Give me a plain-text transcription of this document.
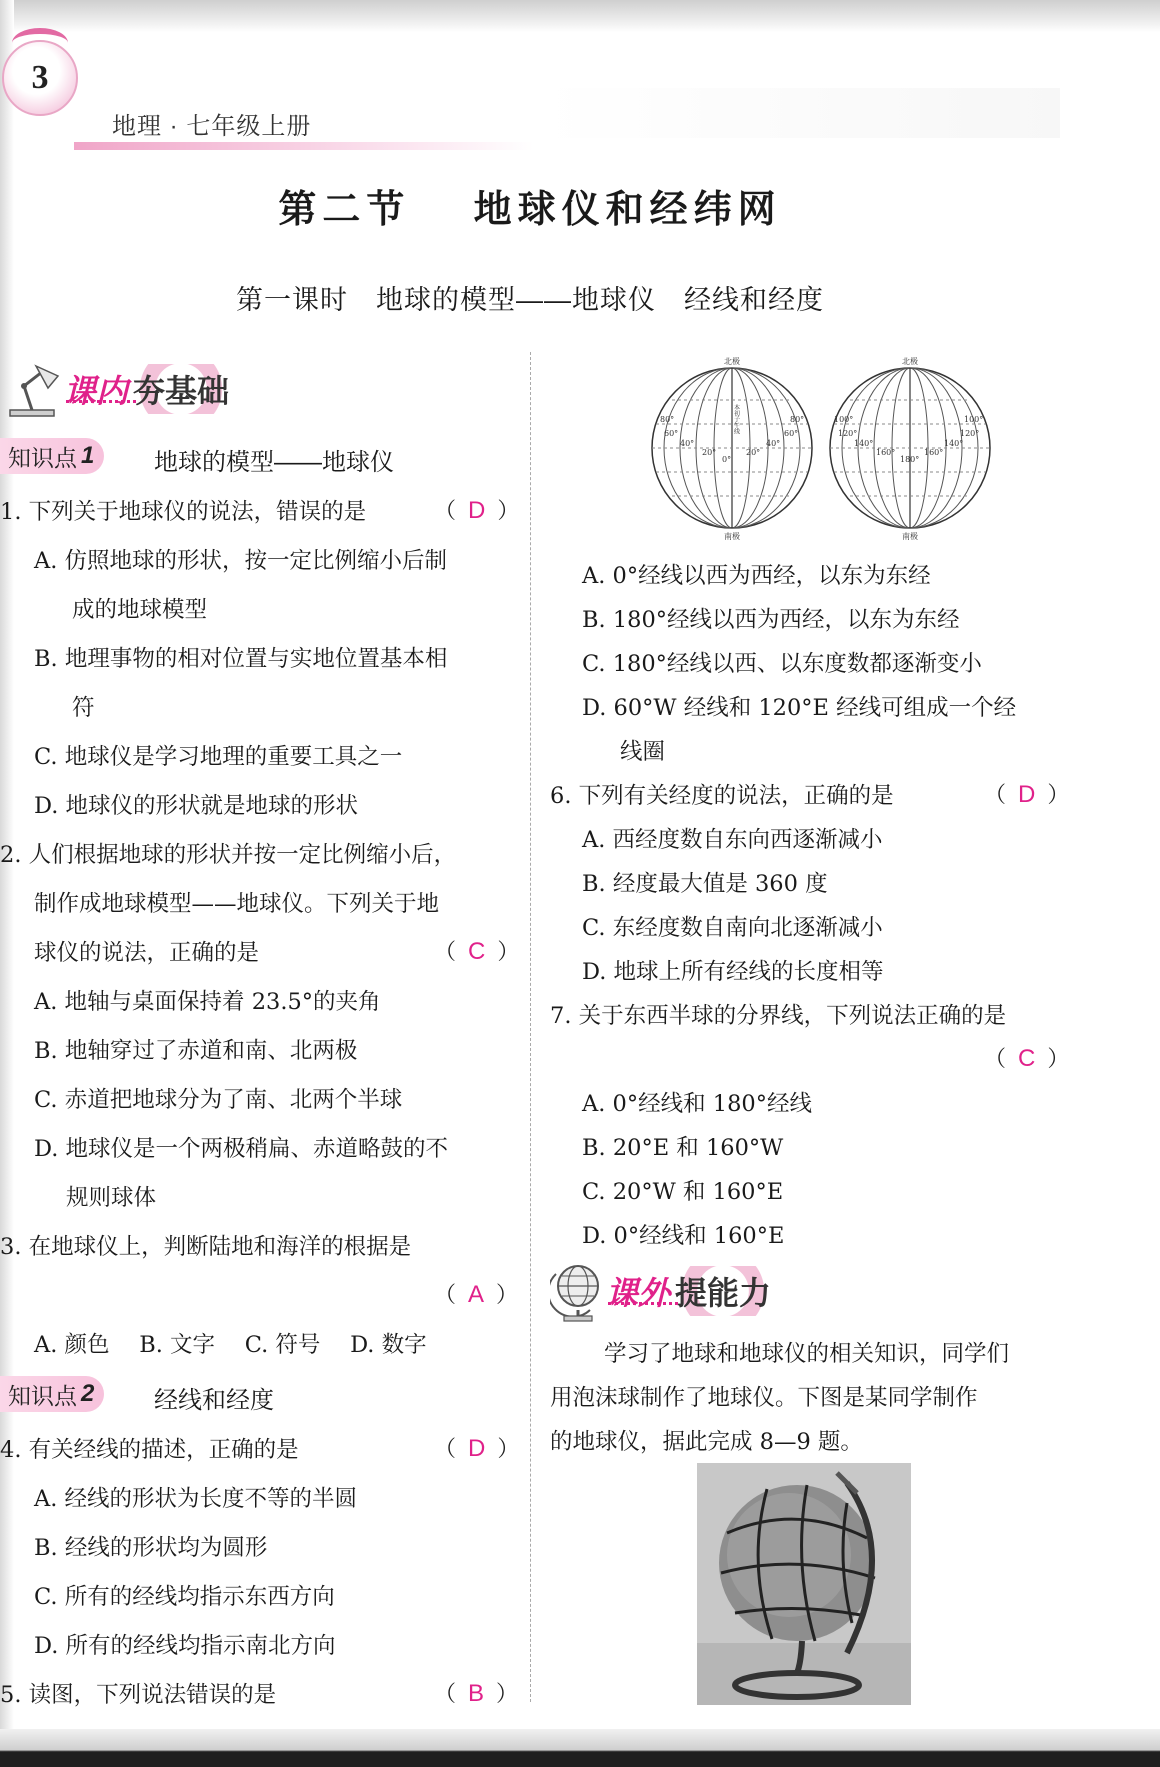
3
地理 · 七年级上册
第二节　 地球仪和经纬网
第一课时　地球的模型——地球仪　经线和经度
课内 夯基础
知识点 1 地球的模型——地球仪
1. 下列关于地球仪的说法，错误的是	（ D ）
A. 仿照地球的形状，按一定比例缩小后制
成的地球模型
B. 地理事物的相对位置与实地位置基本相
符
C. 地球仪是学习地理的重要工具之一
D. 地球仪的形状就是地球的形状
2. 人们根据地球的形状并按一定比例缩小后，
制作成地球模型——地球仪。下列关于地
球仪的说法，正确的是	（ C ）
A. 地轴与桌面保持着 23.5°的夹角
B. 地轴穿过了赤道和南、北两极
C. 赤道把地球分为了南、北两个半球
D. 地球仪是一个两极稍扁、赤道略鼓的不
规则球体
3. 在地球仪上，判断陆地和海洋的根据是
（ A ）
A. 颜色　 B. 文字　 C. 符号　 D. 数字
知识点 2 经线和经度
4. 有关经线的描述，正确的是	（ D ）
A. 经线的形状为长度不等的半圆
B. 经线的形状均为圆形
C. 所有的经线均指示东西方向
D. 所有的经线均指示南北方向
5. 读图，下列说法错误的是	（ B ）
北极
南极
本初子午线
80°
60°
40°
20°
0°
20°
40°
60°
80°
北极
南极
100°
120°
140°
160°
180°
160°
140°
120°
100°
A. 0°经线以西为西经，以东为东经
B. 180°经线以西为西经，以东为东经
C. 180°经线以西、以东度数都逐渐变小
D. 60°W 经线和 120°E 经线可组成一个经
线圈
6. 下列有关经度的说法，正确的是	（ D ）
A. 西经度数自东向西逐渐减小
B. 经度最大值是 360 度
C. 东经度数自南向北逐渐减小
D. 地球上所有经线的长度相等
7. 关于东西半球的分界线，下列说法正确的是
（ C ）
A. 0°经线和 180°经线
B. 20°E 和 160°W
C. 20°W 和 160°E
D. 0°经线和 160°E
课外 提能力
学习了地球和地球仪的相关知识，同学们
用泡沫球制作了地球仪。下图是某同学制作
的地球仪，据此完成 8—9 题。
